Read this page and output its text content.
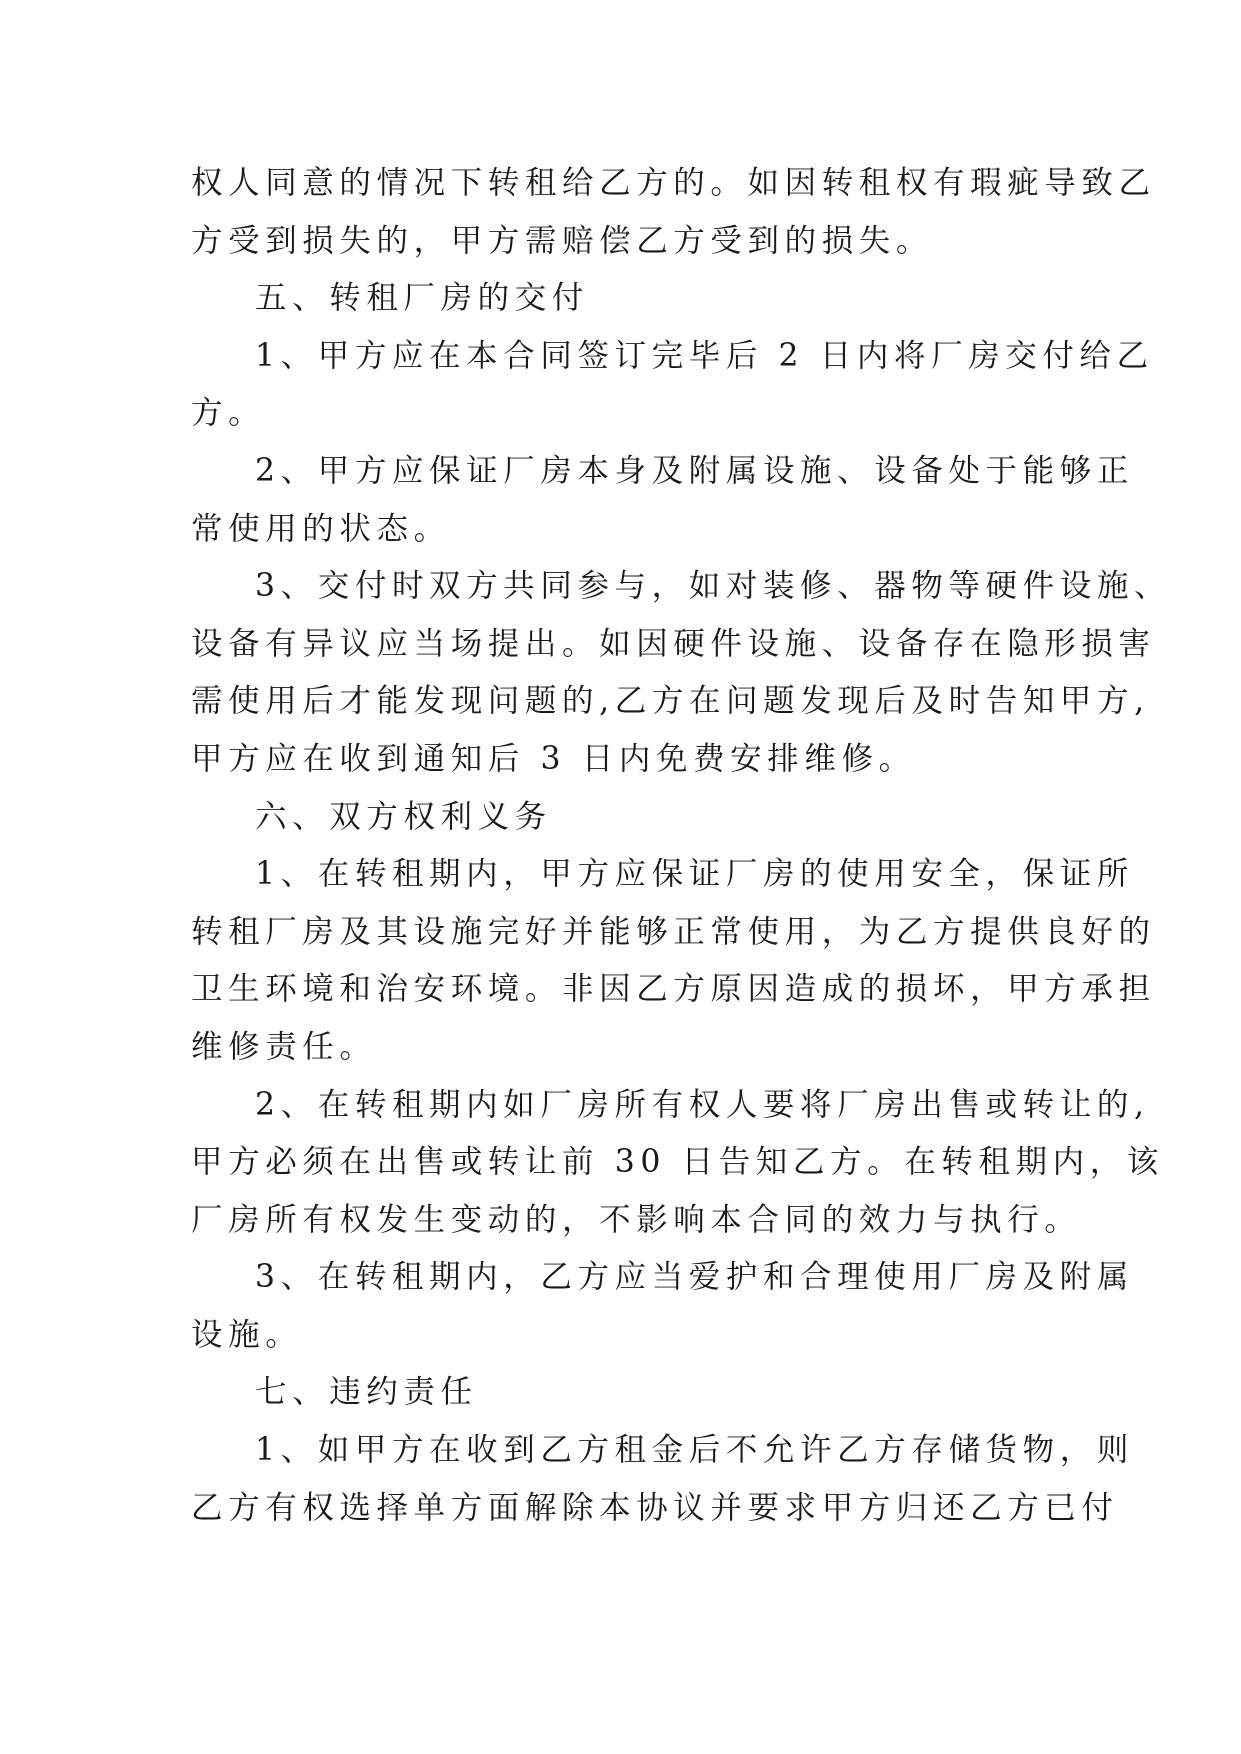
权人同意的情况下转租给乙方的。如因转租权有瑕疵导致乙
方受到损失的，甲方需赔偿乙方受到的损失。
五、转租厂房的交付
1、甲方应在本合同签订完毕后 2 日内将厂房交付给乙
方。
2、甲方应保证厂房本身及附属设施、设备处于能够正
常使用的状态。
3、交付时双方共同参与，如对装修、器物等硬件设施、
设备有异议应当场提出。如因硬件设施、设备存在隐形损害
需使用后才能发现问题的,乙方在问题发现后及时告知甲方,
甲方应在收到通知后 3 日内免费安排维修。
六、双方权利义务
1、在转租期内，甲方应保证厂房的使用安全，保证所
转租厂房及其设施完好并能够正常使用，为乙方提供良好的
卫生环境和治安环境。非因乙方原因造成的损坏，甲方承担
维修责任。
2、在转租期内如厂房所有权人要将厂房出售或转让的,
甲方必须在出售或转让前 30 日告知乙方。在转租期内，该
厂房所有权发生变动的，不影响本合同的效力与执行。
3、在转租期内，乙方应当爱护和合理使用厂房及附属
设施。
七、违约责任
1、如甲方在收到乙方租金后不允许乙方存储货物，则
乙方有权选择单方面解除本协议并要求甲方归还乙方已付
